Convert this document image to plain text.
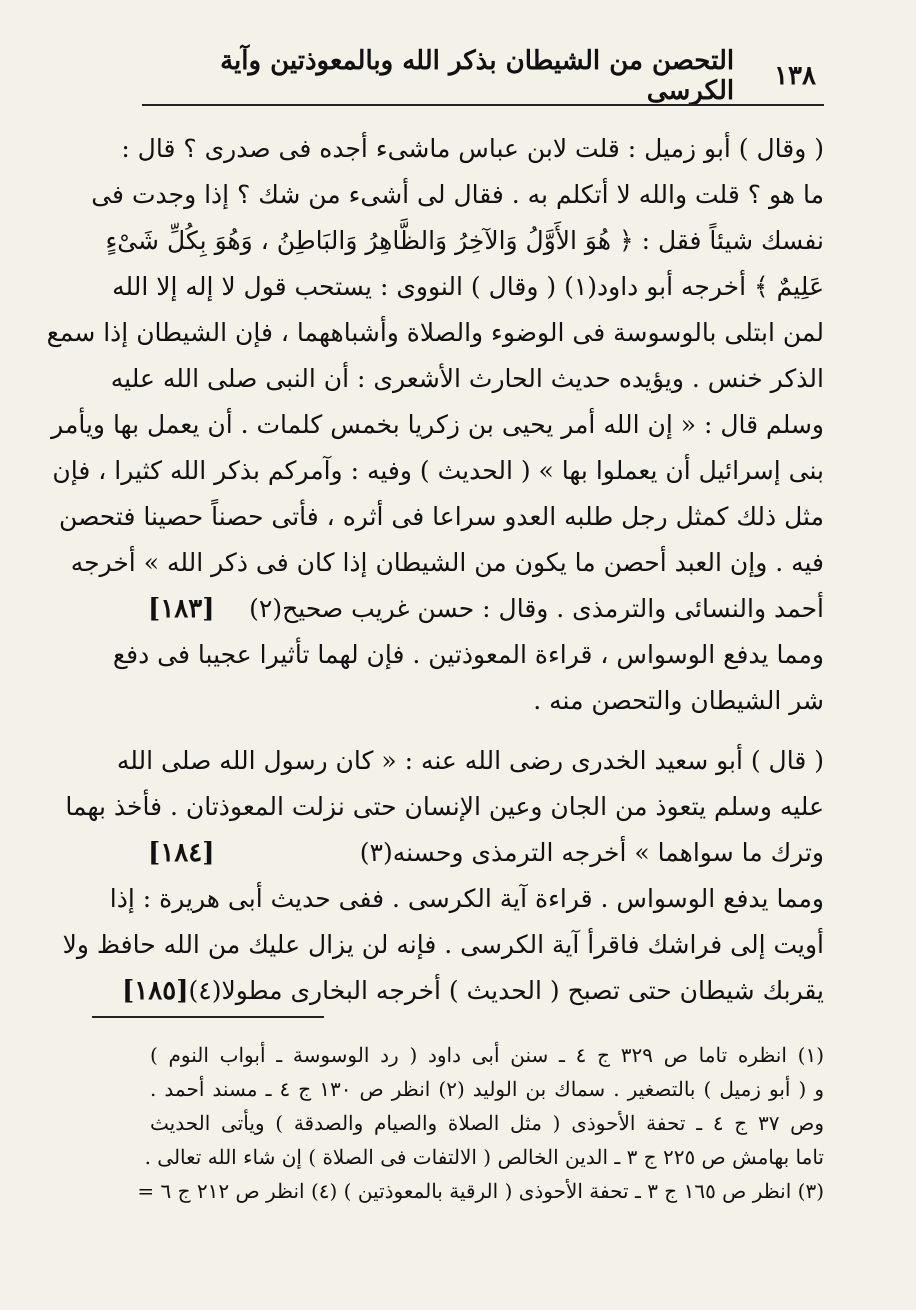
١٣٨
التحصن من الشيطان بذكر الله وبالمعوذتين وآية الكرسى
( وقال ) أبو زميل : قلت لابن عباس ماشىء أجده فى صدرى ؟ قال :
ما هو ؟ قلت والله لا أتكلم به . فقال لى أشىء من شك ؟ إذا وجدت فى
نفسك شيئاً فقل : ﴿ هُوَ الأَوَّلُ وَالآخِرُ وَالظَّاهِرُ وَالبَاطِنُ ، وَهُوَ بِكُلِّ شَىْءٍ
عَلِيمٌ ﴾ أخرجه أبو داود(١) ( وقال ) النووى : يستحب قول لا إله إلا الله
لمن ابتلى بالوسوسة فى الوضوء والصلاة وأشباههما ، فإن الشيطان إذا سمع
الذكر خنس . ويؤيده حديث الحارث الأشعرى : أن النبى صلى الله عليه
وسلم قال : « إن الله أمر يحيى بن زكريا بخمس كلمات . أن يعمل بها ويأمر
بنى إسرائيل أن يعملوا بها » ( الحديث ) وفيه : وآمركم بذكر الله كثيرا ، فإن
مثل ذلك كمثل رجل طلبه العدو سراعا فى أثره ، فأتى حصناً حصينا فتحصن
فيه . وإن العبد أحصن ما يكون من الشيطان إذا كان فى ذكر الله » أخرجه
أحمد والنسائى والترمذى . وقال : حسن غريب صحيح(٢)
[١٨٣]
ومما يدفع الوسواس ، قراءة المعوذتين . فإن لهما تأثيرا عجيبا فى دفع
شر الشيطان والتحصن منه .
( قال ) أبو سعيد الخدرى رضى الله عنه : « كان رسول الله صلى الله
عليه وسلم يتعوذ من الجان وعين الإنسان حتى نزلت المعوذتان . فأخذ بهما
وترك ما سواهما » أخرجه الترمذى وحسنه(٣)
[١٨٤]
ومما يدفع الوسواس . قراءة آية الكرسى . ففى حديث أبى هريرة : إذا
أويت إلى فراشك فاقرأ آية الكرسى . فإنه لن يزال عليك من الله حافظ ولا
يقربك شيطان حتى تصبح ( الحديث ) أخرجه البخارى مطولا(٤)
[١٨٥]
(١) انظره تاما ص ٣٢٩ ج ٤ ـ سنن أبى داود ( رد الوسوسة ـ أبواب النوم )
و ( أبو زميل ) بالتصغير . سماك بن الوليد (٢) انظر ص ١٣٠ ج ٤ ـ مسند أحمد .
وص ٣٧ ج ٤ ـ تحفة الأحوذى ( مثل الصلاة والصيام والصدقة ) ويأتى الحديث
تاما بهامش ص ٢٢٥ ج ٣ ـ الدين الخالص ( الالتفات فى الصلاة ) إن شاء الله تعالى .
(٣) انظر ص ١٦٥ ج ٣ ـ تحفة الأحوذى ( الرقية بالمعوذتين ) (٤) انظر ص ٢١٢ ج ٦ =
